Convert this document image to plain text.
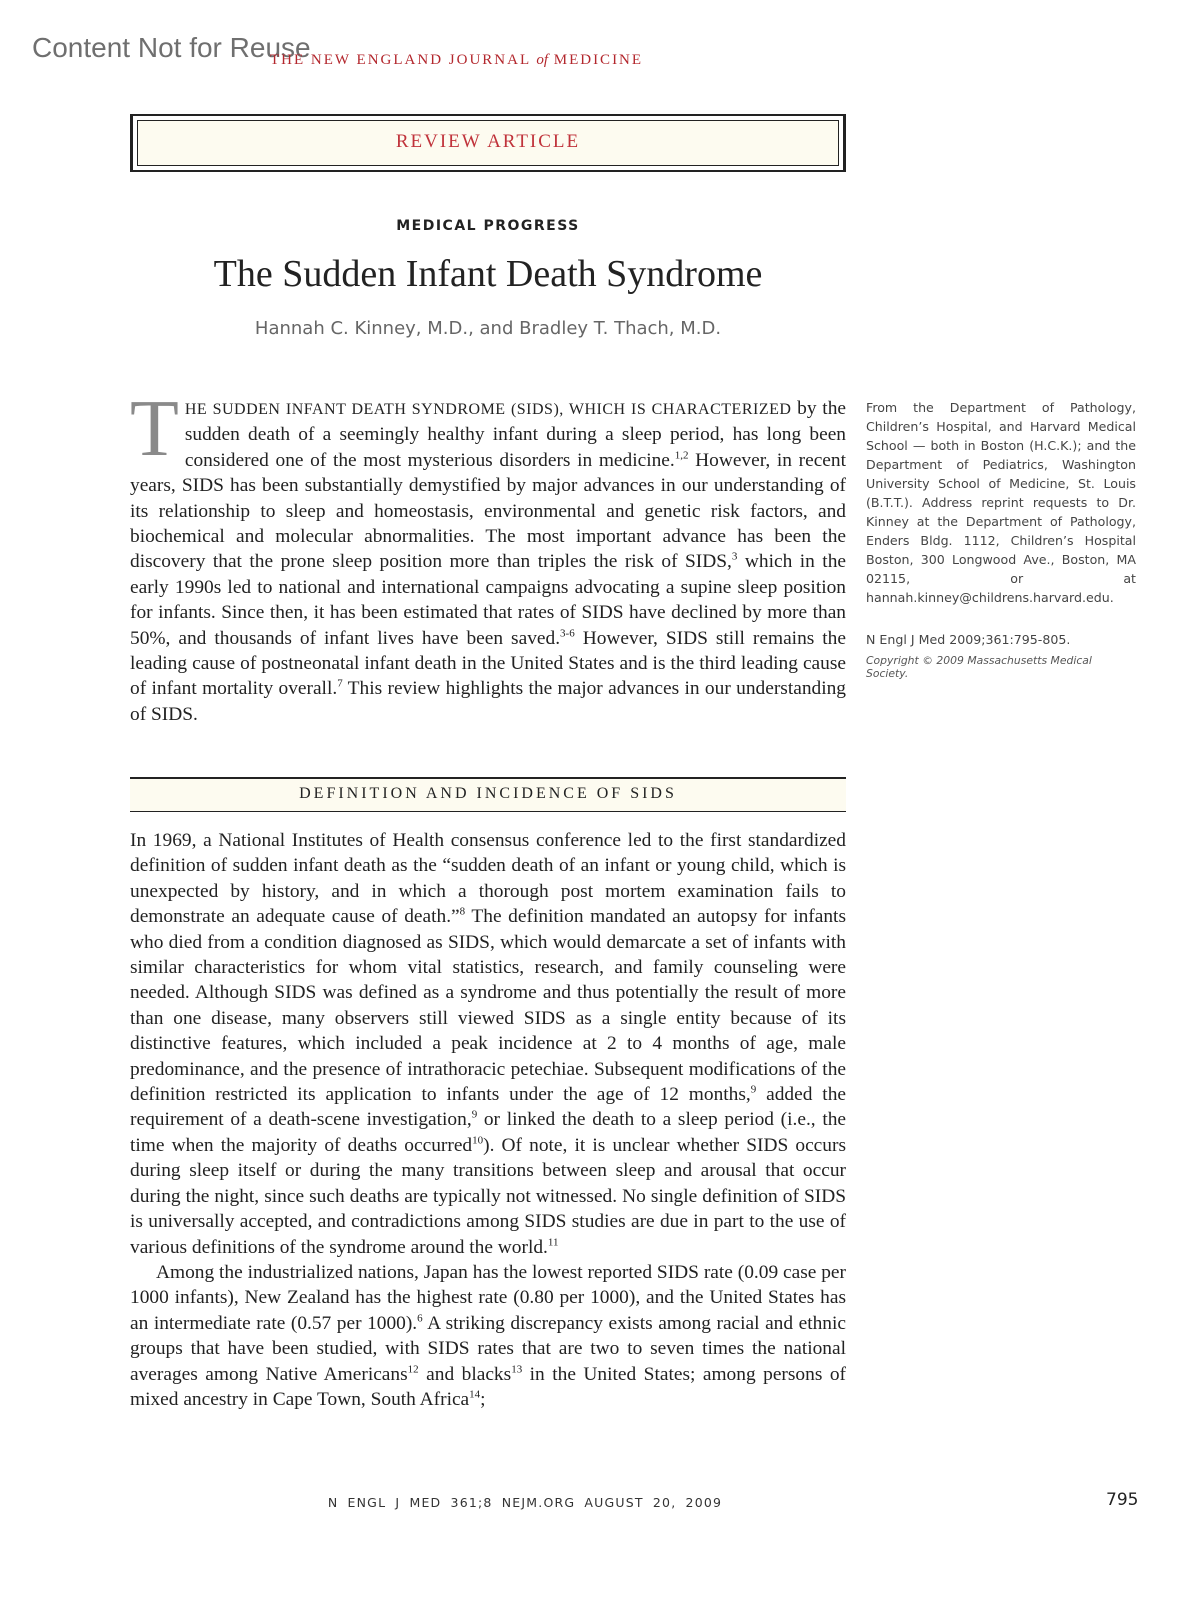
Content Not for Reuse
THE NEW ENGLAND JOURNAL of MEDICINE
REVIEW ARTICLE
MEDICAL PROGRESS
The Sudden Infant Death Syndrome
Hannah C. Kinney, M.D., and Bradley T. Thach, M.D.
THE SUDDEN INFANT DEATH SYNDROME (SIDS), WHICH IS CHARACTERIZED by the sudden death of a seemingly healthy infant during a sleep period, has long been considered one of the most mysterious disorders in medicine.$^{1,2}$ However, in recent years, SIDS has been substantially demystified by major advances in our understanding of its relationship to sleep and homeostasis, environmental and genetic risk factors, and biochemical and molecular abnormalities. The most important advance has been the discovery that the prone sleep position more than triples the risk of SIDS,$^3$ which in the early 1990s led to national and international campaigns advocating a supine sleep position for infants. Since then, it has been estimated that rates of SIDS have declined by more than 50%, and thousands of infant lives have been saved.$^{3-6}$ However, SIDS still remains the leading cause of postneonatal infant death in the United States and is the third leading cause of infant mortality overall.$^7$ This review highlights the major advances in our understanding of SIDS.
From the Department of Pathology, Children’s Hospital, and Harvard Medical School — both in Boston (H.C.K.); and the Department of Pediatrics, Washington University School of Medicine, St. Louis (B.T.T.). Address reprint requests to Dr. Kinney at the Department of Pathology, Enders Bldg. 1112, Children’s Hospital Boston, 300 Longwood Ave., Boston, MA 02115, or at hannah.kinney@childrens.harvard.edu.
N Engl J Med 2009;361:795-805.
Copyright © 2009 Massachusetts Medical Society.
DEFINITION AND INCIDENCE OF SIDS

In 1969, a National Institutes of Health consensus conference led to the first standardized definition of sudden infant death as the “sudden death of an infant or young child, which is unexpected by history, and in which a thorough post mortem examination fails to demonstrate an adequate cause of death.”$^8$ The definition mandated an autopsy for infants who died from a condition diagnosed as SIDS, which would demarcate a set of infants with similar characteristics for whom vital statistics, research, and family counseling were needed. Although SIDS was defined as a syndrome and thus potentially the result of more than one disease, many observers still viewed SIDS as a single entity because of its distinctive features, which included a peak incidence at 2 to 4 months of age, male predominance, and the presence of intrathoracic petechiae. Subsequent modifications of the definition restricted its application to infants under the age of 12 months,$^9$ added the requirement of a death-scene investigation,$^9$ or linked the death to a sleep period (i.e., the time when the majority of deaths occurred$^{10}$). Of note, it is unclear whether SIDS occurs during sleep itself or during the many transitions between sleep and arousal that occur during the night, since such deaths are typically not witnessed. No single definition of SIDS is universally accepted, and contradictions among SIDS studies are due in part to the use of various definitions of the syndrome around the world.$^{11}$

Among the industrialized nations, Japan has the lowest reported SIDS rate (0.09 case per 1000 infants), New Zealand has the highest rate (0.80 per 1000), and the United States has an intermediate rate (0.57 per 1000).$^6$ A striking discrepancy exists among racial and ethnic groups that have been studied, with SIDS rates that are two to seven times the national averages among Native Americans$^{12}$ and blacks$^{13}$ in the United States; among persons of mixed ancestry in Cape Town, South Africa$^{14}$;

N ENGL J MED 361;8 NEJM.ORG AUGUST 20, 2009	795
